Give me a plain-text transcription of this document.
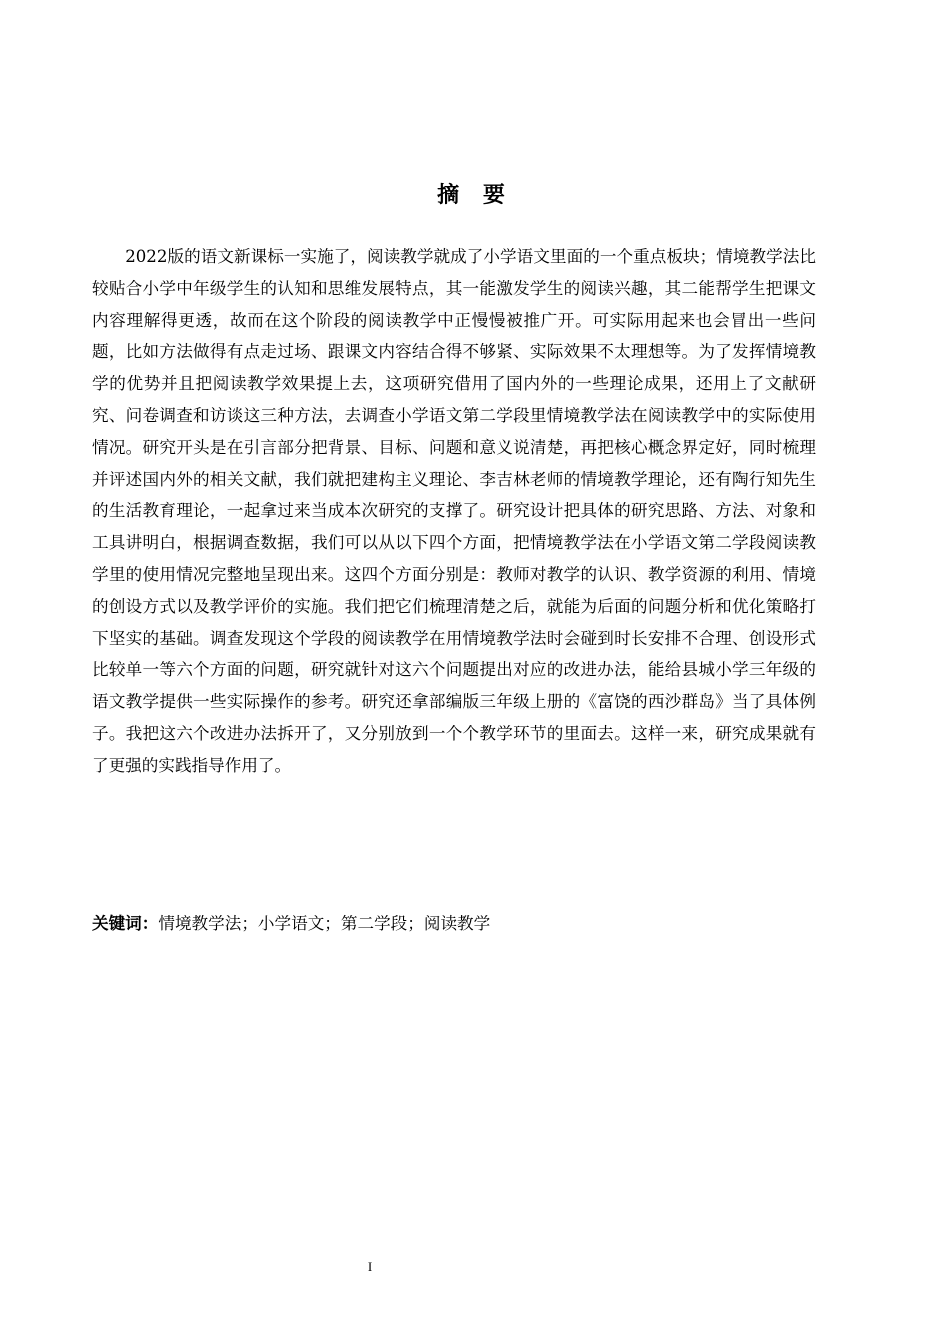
摘 要

2022版的语文新课标一实施了，阅读教学就成了小学语文里面的一个重点板块；情境教学法比较贴合小学中年级学生的认知和思维发展特点，其一能激发学生的阅读兴趣，其二能帮学生把课文内容理解得更透，故而在这个阶段的阅读教学中正慢慢被推广开。可实际用起来也会冒出一些问题，比如方法做得有点走过场、跟课文内容结合得不够紧、实际效果不太理想等。为了发挥情境教学的优势并且把阅读教学效果提上去，这项研究借用了国内外的一些理论成果，还用上了文献研究、问卷调查和访谈这三种方法，去调查小学语文第二学段里情境教学法在阅读教学中的实际使用情况。研究开头是在引言部分把背景、目标、问题和意义说清楚，再把核心概念界定好，同时梳理并评述国内外的相关文献，我们就把建构主义理论、李吉林老师的情境教学理论，还有陶行知先生的生活教育理论，一起拿过来当成本次研究的支撑了。研究设计把具体的研究思路、方法、对象和工具讲明白，根据调查数据，我们可以从以下四个方面，把情境教学法在小学语文第二学段阅读教学里的使用情况完整地呈现出来。这四个方面分别是：教师对教学的认识、教学资源的利用、情境的创设方式以及教学评价的实施。我们把它们梳理清楚之后，就能为后面的问题分析和优化策略打下坚实的基础。调查发现这个学段的阅读教学在用情境教学法时会碰到时长安排不合理、创设形式比较单一等六个方面的问题，研究就针对这六个问题提出对应的改进办法，能给县城小学三年级的语文教学提供一些实际操作的参考。研究还拿部编版三年级上册的《富饶的西沙群岛》当了具体例子。我把这六个改进办法拆开了，又分别放到一个个教学环节的里面去。这样一来，研究成果就有了更强的实践指导作用了。

关键词：情境教学法；小学语文；第二学段；阅读教学

I
